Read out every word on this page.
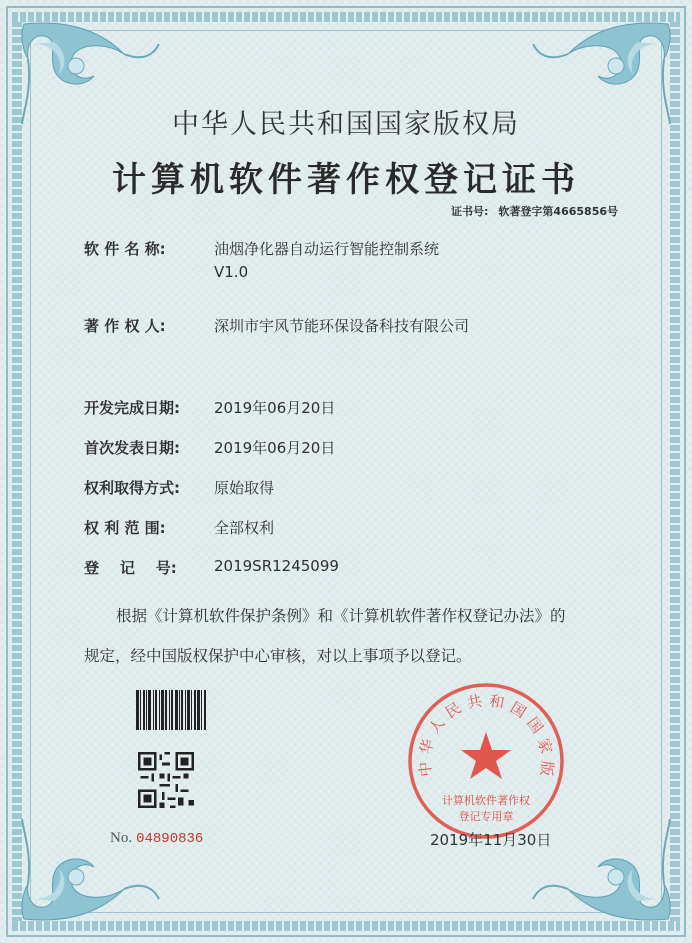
中华人民共和国国家版权局
计算机软件著作权登记证书
证书号: 软著登字第4665856号
软 件 名 称:	油烟净化器自动运行智能控制系统
V1.0
著 作 权 人:	深圳市宇风节能环保设备科技有限公司
开发完成日期:	2019年06月20日
首次发表日期:	2019年06月20日
权利取得方式:	原始取得
权 利 范 围:	全部权利
登    记    号:	2019SR1245099
根据《计算机软件保护条例》和《计算机软件著作权登记办法》的
规定，经中国版权保护中心审核，对以上事项予以登记。
No. 04890836
中华人民共和国国家版
计算机软件著作权
登记专用章
2019年11月30日
